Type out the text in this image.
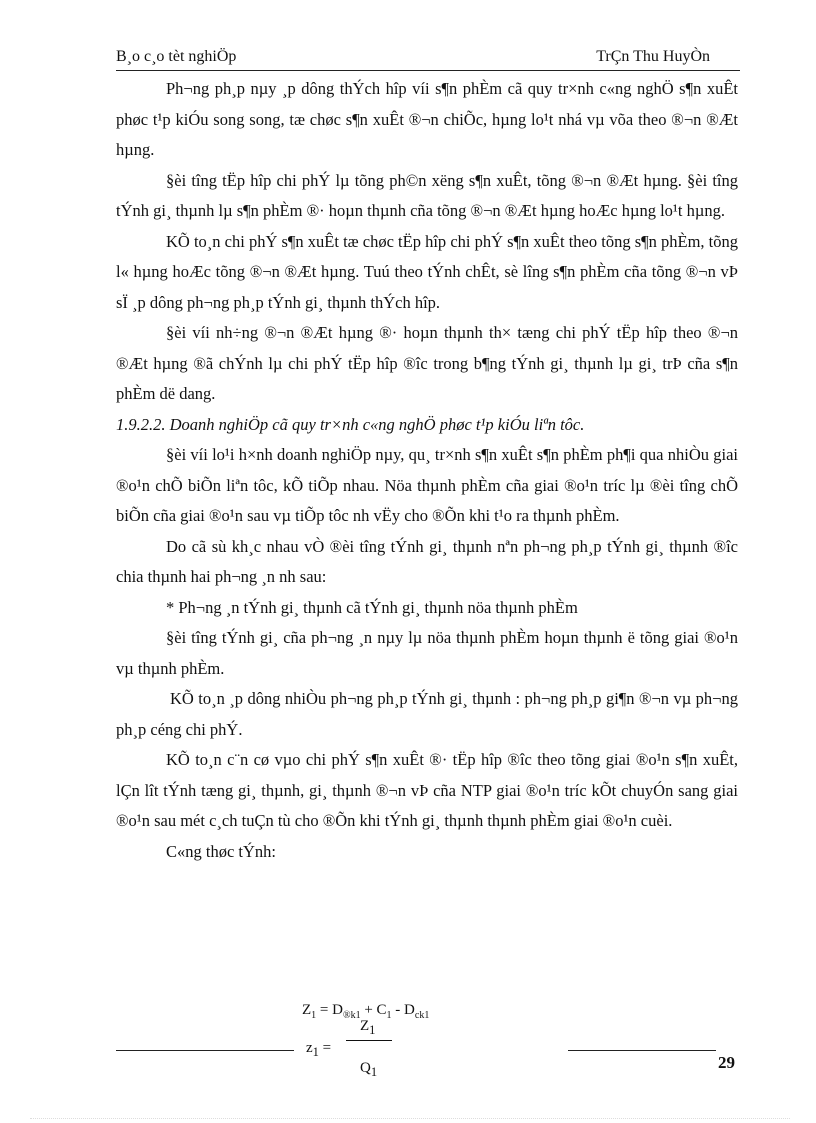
B¸o c¸o tèt nghiÖp	TrÇn Thu HuyÒn

Ph¬ng ph¸p nµy ¸p dông thÝch hîp víi s¶n phÈm cã quy tr×nh c«ng nghÖ s¶n xuÊt phøc t¹p kiÓu song song, tæ chøc s¶n xuÊt ®¬n chiÕc, hµng lo¹t nhá vµ võa theo ®¬n ®Æt hµng.

§èi tîng tËp hîp chi phÝ lµ tõng ph©n xëng s¶n xuÊt, tõng ®¬n ®Æt hµng. §èi tîng tÝnh gi¸ thµnh lµ s¶n phÈm ®· hoµn thµnh cña tõng ®¬n ®Æt hµng hoÆc hµng lo¹t hµng.

KÕ to¸n chi phÝ s¶n xuÊt tæ chøc tËp hîp chi phÝ s¶n xuÊt theo tõng s¶n phÈm, tõng l« hµng hoÆc tõng ®¬n ®Æt hµng. Tuú theo tÝnh chÊt, sè lîng s¶n phÈm cña tõng ®¬n vÞ sÏ ¸p dông ph¬ng ph¸p tÝnh gi¸ thµnh thÝch hîp.

§èi víi nh÷ng ®¬n ®Æt hµng ®· hoµn thµnh th× tæng chi phÝ tËp hîp theo ®¬n ®Æt hµng ®ã chÝnh lµ chi phÝ tËp hîp ®îc trong b¶ng tÝnh gi¸ thµnh lµ gi¸ trÞ cña s¶n phÈm dë dang.

1.9.2.2. Doanh nghiÖp cã quy tr×nh c«ng nghÖ phøc t¹p kiÓu liªn tôc.

§èi víi lo¹i h×nh doanh nghiÖp nµy, qu¸ tr×nh s¶n xuÊt s¶n phÈm ph¶i qua nhiÒu giai ®o¹n chÕ biÕn liªn tôc, kÕ tiÕp nhau. Nöa thµnh phÈm cña giai ®o¹n tríc lµ ®èi tîng chÕ biÕn cña giai ®o¹n sau vµ tiÕp tôc nh vËy cho ®Õn khi t¹o ra thµnh phÈm.

Do cã sù kh¸c nhau vÒ ®èi tîng tÝnh gi¸ thµnh nªn ph¬ng ph¸p tÝnh gi¸ thµnh ®îc chia thµnh hai ph¬ng ¸n nh sau:

* Ph¬ng ¸n tÝnh gi¸ thµnh cã tÝnh gi¸ thµnh nöa thµnh phÈm

§èi tîng tÝnh gi¸ cña ph¬ng ¸n nµy lµ nöa thµnh phÈm hoµn thµnh ë tõng giai ®o¹n vµ thµnh phÈm.

KÕ to¸n ¸p dông nhiÒu ph¬ng ph¸p tÝnh gi¸ thµnh : ph¬ng ph¸p gi¶n ®¬n vµ ph¬ng ph¸p céng chi phÝ.

KÕ to¸n c¨n cø vµo chi phÝ s¶n xuÊt ®· tËp hîp ®îc theo tõng giai ®o¹n s¶n xuÊt, lÇn lît tÝnh tæng gi¸ thµnh, gi¸ thµnh ®¬n vÞ cña NTP giai ®o¹n tríc kÕt chuyÓn sang giai ®o¹n sau mét c¸ch tuÇn tù cho ®Õn khi tÝnh gi¸ thµnh thµnh phÈm giai ®o¹n cuèi.

C«ng thøc tÝnh:

$Z_1 = D_{®k1} + C_1 - D_{ck1}$
$z_1$ =
$Z_1$
$Q_1$	29
